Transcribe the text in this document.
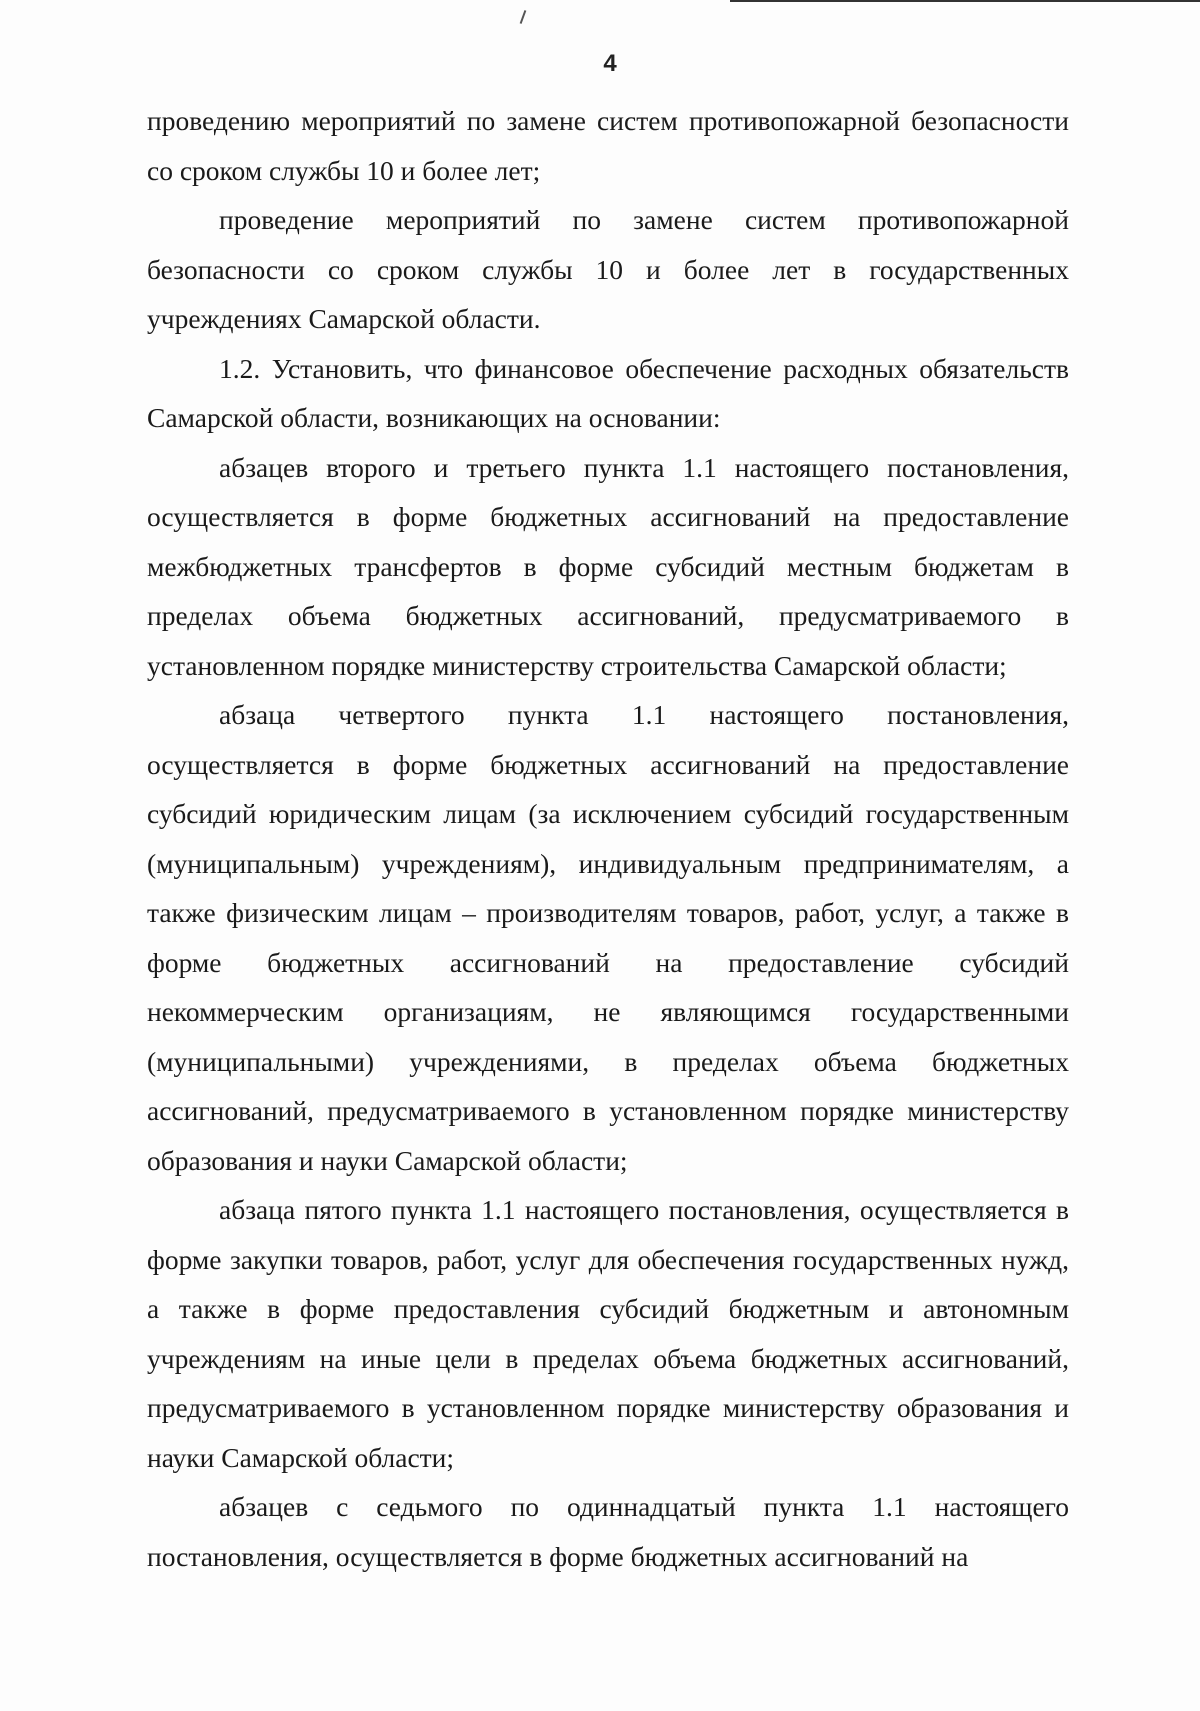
4

проведению мероприятий по замене систем противопожарной безопасности со сроком службы 10 и более лет;

проведение мероприятий по замене систем противопожарной безопасности со сроком службы 10 и более лет в государственных учреждениях Самарской области.

1.2. Установить, что финансовое обеспечение расходных обязательств Самарской области, возникающих на основании:

абзацев второго и третьего пункта 1.1 настоящего постановления, осуществляется в форме бюджетных ассигнований на предоставление межбюджетных трансфертов в форме субсидий местным бюджетам в пределах объема бюджетных ассигнований, предусматриваемого в установленном порядке министерству строительства Самарской области;

абзаца четвертого пункта 1.1 настоящего постановления, осуществляется в форме бюджетных ассигнований на предоставление субсидий юридическим лицам (за исключением субсидий государственным (муниципальным) учреждениям), индивидуальным предпринимателям, а также физическим лицам – производителям товаров, работ, услуг, а также в форме бюджетных ассигнований на предоставление субсидий некоммерческим организациям, не являющимся государственными (муниципальными) учреждениями, в пределах объема бюджетных ассигнований, предусматриваемого в установленном порядке министерству образования и науки Самарской области;

абзаца пятого пункта 1.1 настоящего постановления, осуществляется в форме закупки товаров, работ, услуг для обеспечения государственных нужд, а также в форме предоставления субсидий бюджетным и автономным учреждениям на иные цели в пределах объема бюджетных ассигнований, предусматриваемого в установленном порядке министерству образования и науки Самарской области;

абзацев с седьмого по одиннадцатый пункта 1.1 настоящего постановления, осуществляется в форме бюджетных ассигнований на
